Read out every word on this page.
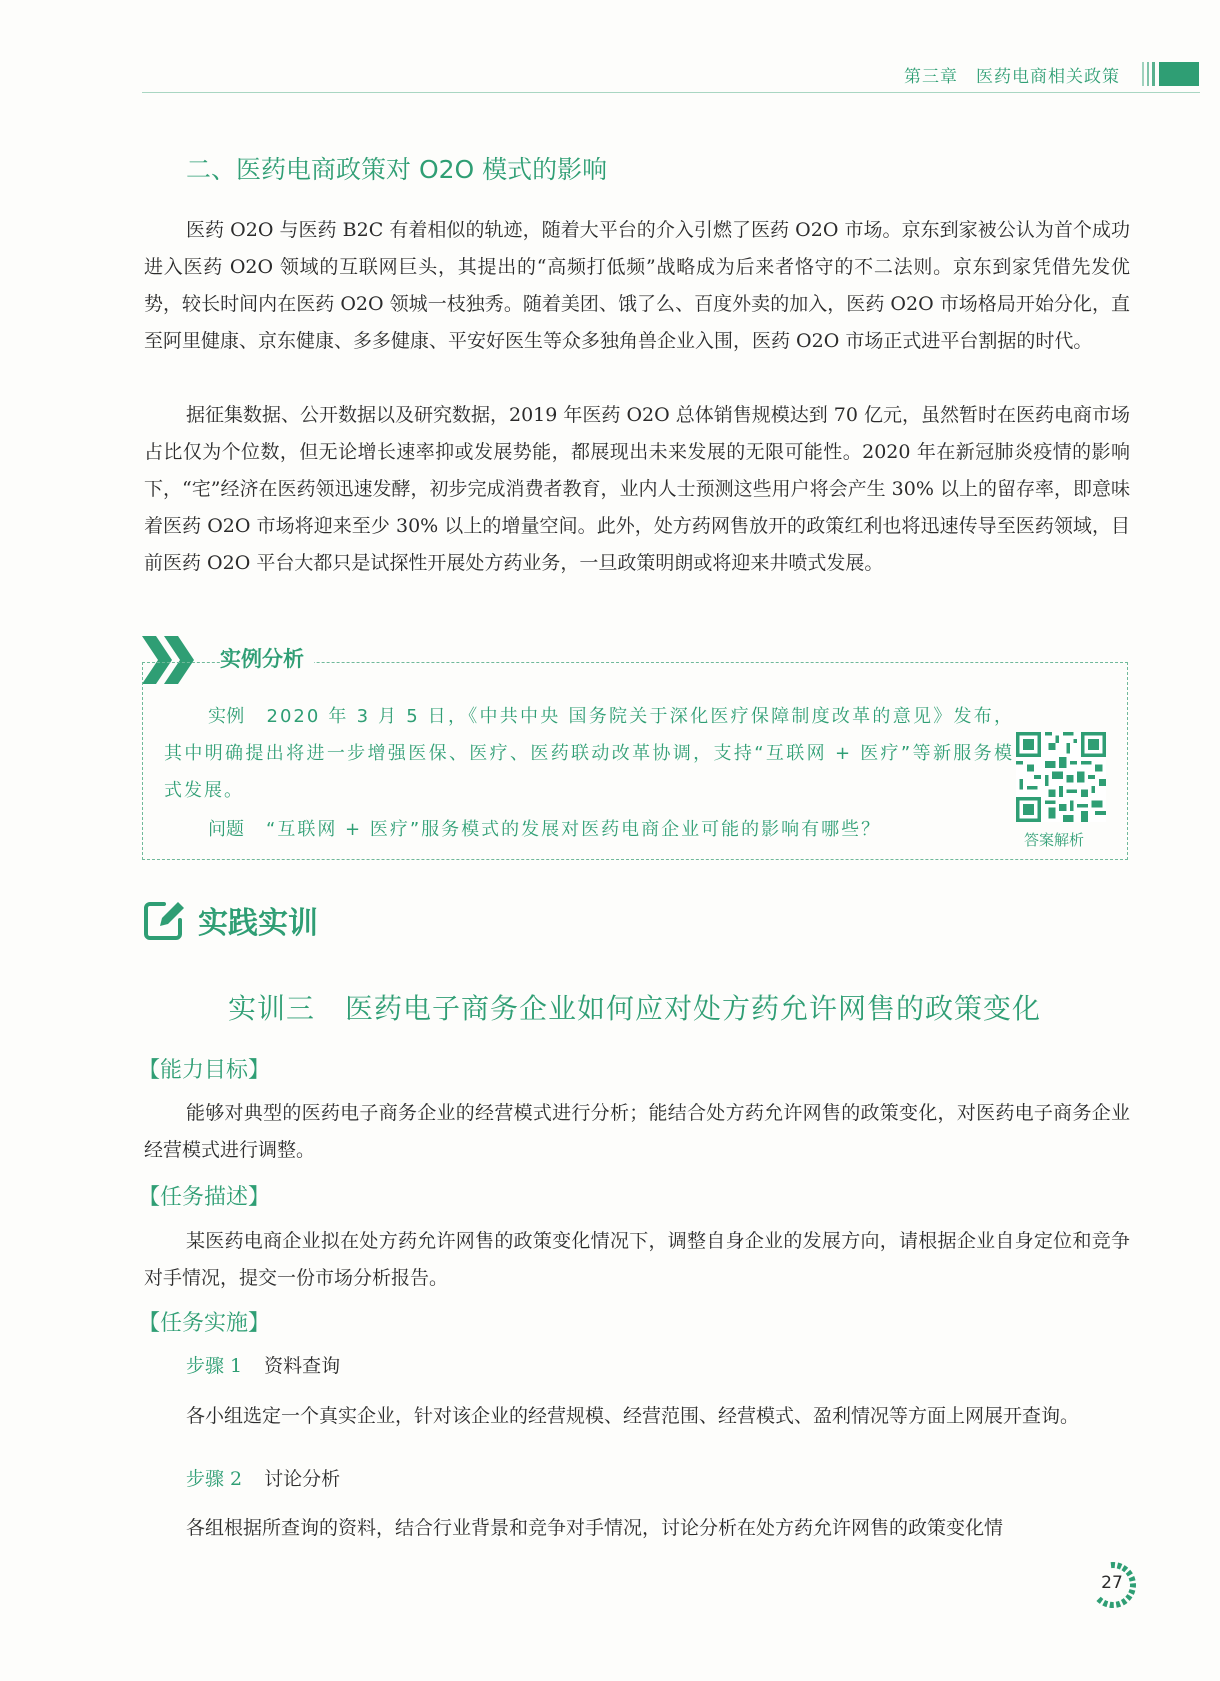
第三章 医药电商相关政策
二、医药电商政策对 O2O 模式的影响

医药 O2O 与医药 B2C 有着相似的轨迹，随着大平台的介入引燃了医药 O2O 市场。京东到家被公认为首个成功进入医药 O2O 领域的互联网巨头，其提出的“高频打低频”战略成为后来者恪守的不二法则。京东到家凭借先发优势，较长时间内在医药 O2O 领城一枝独秀。随着美团、饿了么、百度外卖的加入，医药 O2O 市场格局开始分化，直至阿里健康、京东健康、多多健康、平安好医生等众多独角兽企业入围，医药 O2O 市场正式进平台割据的时代。

据征集数据、公开数据以及研究数据，2019 年医药 O2O 总体销售规模达到 70 亿元，虽然暂时在医药电商市场占比仅为个位数，但无论增长速率抑或发展势能，都展现出未来发展的无限可能性。2020 年在新冠肺炎疫情的影响下，“宅”经济在医药领迅速发酵，初步完成消费者教育，业内人士预测这些用户将会产生 30% 以上的留存率，即意味着医药 O2O 市场将迎来至少 30% 以上的增量空间。此外，处方药网售放开的政策红利也将迅速传导至医药领域，目前医药 O2O 平台大都只是试探性开展处方药业务，一旦政策明朗或将迎来井喷式发展。

实例分析

实例 2020 年 3 月 5 日，《中共中央 国务院关于深化医疗保障制度改革的意见》发布，其中明确提出将进一步增强医保、医疗、医药联动改革协调，支持“互联网 + 医疗”等新服务模式发展。

问题 “互联网 + 医疗”服务模式的发展对医药电商企业可能的影响有哪些？	答案解析
实践实训
实训三 医药电子商务企业如何应对处方药允许网售的政策变化
【能力目标】

能够对典型的医药电子商务企业的经营模式进行分析；能结合处方药允许网售的政策变化，对医药电子商务企业经营模式进行调整。

【任务描述】

某医药电商企业拟在处方药允许网售的政策变化情况下，调整自身企业的发展方向，请根据企业自身定位和竞争对手情况，提交一份市场分析报告。

【任务实施】
步骤 1 资料查询

各小组选定一个真实企业，针对该企业的经营规模、经营范围、经营模式、盈利情况等方面上网展开查询。

步骤 2 讨论分析

各组根据所查询的资料，结合行业背景和竞争对手情况，讨论分析在处方药允许网售的政策变化情

27
